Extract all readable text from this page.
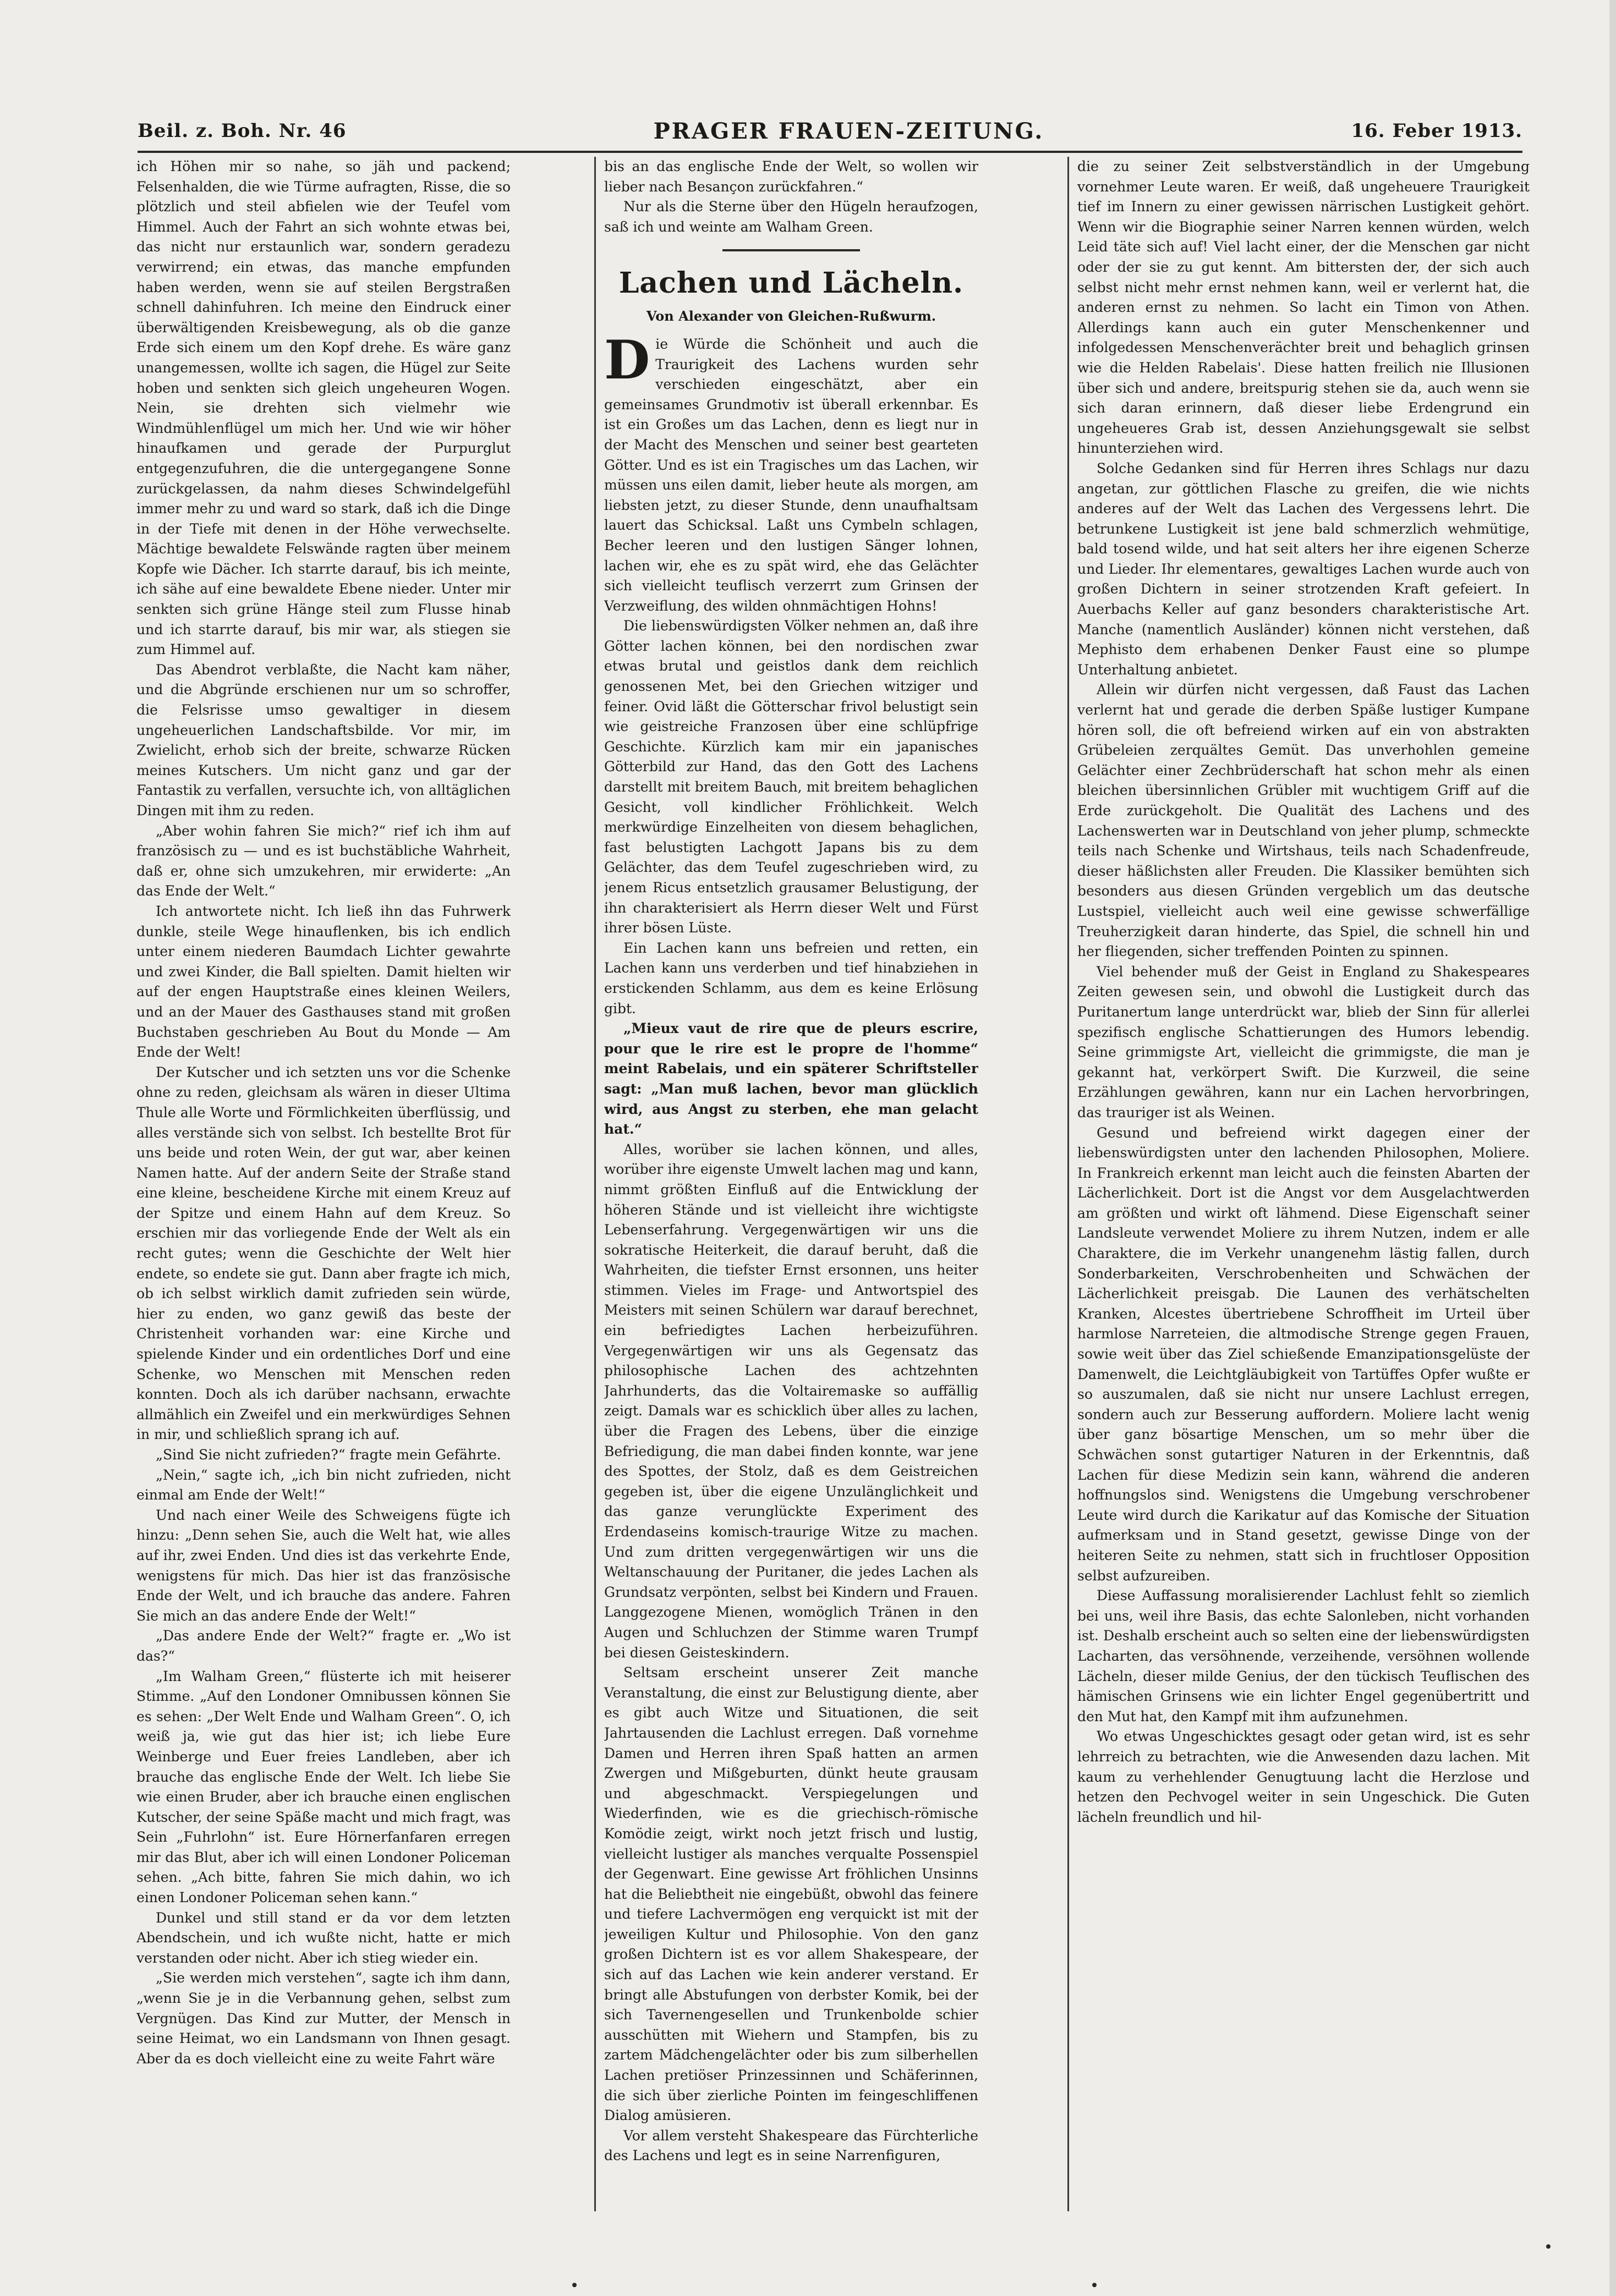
Beil. z. Boh. Nr. 46	PRAGER FRAUEN-ZEITUNG.	16. Feber 1913.

ich Höhen mir so nahe, so jäh und packend; Felsenhalden, die wie Türme aufragten, Risse, die so plötzlich und steil abfielen wie der Teufel vom Himmel. Auch der Fahrt an sich wohnte etwas bei, das nicht nur erstaunlich war, sondern geradezu verwirrend; ein etwas, das manche empfunden haben werden, wenn sie auf steilen Bergstraßen schnell dahinfuhren. Ich meine den Eindruck einer überwältigenden Kreisbewegung, als ob die ganze Erde sich einem um den Kopf drehe. Es wäre ganz unangemessen, wollte ich sagen, die Hügel zur Seite hoben und senkten sich gleich ungeheuren Wogen. Nein, sie drehten sich vielmehr wie Windmühlenflügel um mich her. Und wie wir höher hinaufkamen und gerade der Purpurglut entgegenzufuhren, die die untergegangene Sonne zurückgelassen, da nahm dieses Schwindelgefühl immer mehr zu und ward so stark, daß ich die Dinge in der Tiefe mit denen in der Höhe verwechselte. Mächtige bewaldete Felswände ragten über meinem Kopfe wie Dächer. Ich starrte darauf, bis ich meinte, ich sähe auf eine bewaldete Ebene nieder. Unter mir senkten sich grüne Hänge steil zum Flusse hinab und ich starrte darauf, bis mir war, als stiegen sie zum Himmel auf.

Das Abendrot verblaßte, die Nacht kam näher, und die Abgründe erschienen nur um so schroffer, die Felsrisse umso gewaltiger in diesem ungeheuerlichen Landschaftsbilde. Vor mir, im Zwielicht, erhob sich der breite, schwarze Rücken meines Kutschers. Um nicht ganz und gar der Fantastik zu verfallen, versuchte ich, von alltäglichen Dingen mit ihm zu reden.

„Aber wohin fahren Sie mich?“ rief ich ihm auf französisch zu — und es ist buchstäbliche Wahrheit, daß er, ohne sich umzukehren, mir erwiderte: „An das Ende der Welt.“

Ich antwortete nicht. Ich ließ ihn das Fuhrwerk dunkle, steile Wege hinauflenken, bis ich endlich unter einem niederen Baumdach Lichter gewahrte und zwei Kinder, die Ball spielten. Damit hielten wir auf der engen Hauptstraße eines kleinen Weilers, und an der Mauer des Gasthauses stand mit großen Buchstaben geschrieben Au Bout du Monde — Am Ende der Welt!

Der Kutscher und ich setzten uns vor die Schenke ohne zu reden, gleichsam als wären in dieser Ultima Thule alle Worte und Förmlichkeiten überflüssig, und alles verstände sich von selbst. Ich bestellte Brot für uns beide und roten Wein, der gut war, aber keinen Namen hatte. Auf der andern Seite der Straße stand eine kleine, bescheidene Kirche mit einem Kreuz auf der Spitze und einem Hahn auf dem Kreuz. So erschien mir das vorliegende Ende der Welt als ein recht gutes; wenn die Geschichte der Welt hier endete, so endete sie gut. Dann aber fragte ich mich, ob ich selbst wirklich damit zufrieden sein würde, hier zu enden, wo ganz gewiß das beste der Christenheit vorhanden war: eine Kirche und spielende Kinder und ein ordentliches Dorf und eine Schenke, wo Menschen mit Menschen reden konnten. Doch als ich darüber nachsann, erwachte allmählich ein Zweifel und ein merkwürdiges Sehnen in mir, und schließlich sprang ich auf.

„Sind Sie nicht zufrieden?“ fragte mein Gefährte.

„Nein,“ sagte ich, „ich bin nicht zufrieden, nicht einmal am Ende der Welt!“

Und nach einer Weile des Schweigens fügte ich hinzu: „Denn sehen Sie, auch die Welt hat, wie alles auf ihr, zwei Enden. Und dies ist das verkehrte Ende, wenigstens für mich. Das hier ist das französische Ende der Welt, und ich brauche das andere. Fahren Sie mich an das andere Ende der Welt!“

„Das andere Ende der Welt?“ fragte er. „Wo ist das?“

„Im Walham Green,“ flüsterte ich mit heiserer Stimme. „Auf den Londoner Omnibussen können Sie es sehen: „Der Welt Ende und Walham Green“. O, ich weiß ja, wie gut das hier ist; ich liebe Eure Weinberge und Euer freies Landleben, aber ich brauche das englische Ende der Welt. Ich liebe Sie wie einen Bruder, aber ich brauche einen englischen Kutscher, der seine Späße macht und mich fragt, was Sein „Fuhrlohn“ ist. Eure Hörnerfanfaren erregen mir das Blut, aber ich will einen Londoner Policeman sehen. „Ach bitte, fahren Sie mich dahin, wo ich einen Londoner Policeman sehen kann.“

Dunkel und still stand er da vor dem letzten Abendschein, und ich wußte nicht, hatte er mich verstanden oder nicht. Aber ich stieg wieder ein.

„Sie werden mich verstehen“, sagte ich ihm dann, „wenn Sie je in die Verbannung gehen, selbst zum Vergnügen. Das Kind zur Mutter, der Mensch in seine Heimat, wo ein Landsmann von Ihnen gesagt. Aber da es doch vielleicht eine zu weite Fahrt wäre

bis an das englische Ende der Welt, so wollen wir lieber nach Besançon zurückfahren.“

Nur als die Sterne über den Hügeln heraufzogen, saß ich und weinte am Walham Green.

Lachen und Lächeln.
Von Alexander von Gleichen-Rußwurm.

Die Würde die Schönheit und auch die Traurigkeit des Lachens wurden sehr verschieden eingeschätzt, aber ein gemeinsames Grundmotiv ist überall erkennbar. Es ist ein Großes um das Lachen, denn es liegt nur in der Macht des Menschen und seiner best gearteten Götter. Und es ist ein Tragisches um das Lachen, wir müssen uns eilen damit, lieber heute als morgen, am liebsten jetzt, zu dieser Stunde, denn unaufhaltsam lauert das Schicksal. Laßt uns Cymbeln schlagen, Becher leeren und den lustigen Sänger lohnen, lachen wir, ehe es zu spät wird, ehe das Gelächter sich vielleicht teuflisch verzerrt zum Grinsen der Verzweiflung, des wilden ohnmächtigen Hohns!

Die liebenswürdigsten Völker nehmen an, daß ihre Götter lachen können, bei den nordischen zwar etwas brutal und geistlos dank dem reichlich genossenen Met, bei den Griechen witziger und feiner. Ovid läßt die Götterschar frivol belustigt sein wie geistreiche Franzosen über eine schlüpfrige Geschichte. Kürzlich kam mir ein japanisches Götterbild zur Hand, das den Gott des Lachens darstellt mit breitem Bauch, mit breitem behaglichen Gesicht, voll kindlicher Fröhlichkeit. Welch merkwürdige Einzelheiten von diesem behaglichen, fast belustigten Lachgott Japans bis zu dem Gelächter, das dem Teufel zugeschrieben wird, zu jenem Ricus entsetzlich grausamer Belustigung, der ihn charakterisiert als Herrn dieser Welt und Fürst ihrer bösen Lüste.

Ein Lachen kann uns befreien und retten, ein Lachen kann uns verderben und tief hinabziehen in erstickenden Schlamm, aus dem es keine Erlösung gibt.

„Mieux vaut de rire que de pleurs escrire, pour que le rire est le propre de l'homme“ meint Rabelais, und ein späterer Schriftsteller sagt: „Man muß lachen, bevor man glücklich wird, aus Angst zu sterben, ehe man gelacht hat.“

Alles, worüber sie lachen können, und alles, worüber ihre eigenste Umwelt lachen mag und kann, nimmt größten Einfluß auf die Entwicklung der höheren Stände und ist vielleicht ihre wichtigste Lebenserfahrung. Vergegenwärtigen wir uns die sokratische Heiterkeit, die darauf beruht, daß die Wahrheiten, die tiefster Ernst ersonnen, uns heiter stimmen. Vieles im Frage- und Antwortspiel des Meisters mit seinen Schülern war darauf berechnet, ein befriedigtes Lachen herbeizuführen. Vergegenwärtigen wir uns als Gegensatz das philosophische Lachen des achtzehnten Jahrhunderts, das die Voltairemaske so auffällig zeigt. Damals war es schicklich über alles zu lachen, über die Fragen des Lebens, über die einzige Befriedigung, die man dabei finden konnte, war jene des Spottes, der Stolz, daß es dem Geistreichen gegeben ist, über die eigene Unzulänglichkeit und das ganze verunglückte Experiment des Erdendaseins komisch-traurige Witze zu machen. Und zum dritten vergegenwärtigen wir uns die Weltanschauung der Puritaner, die jedes Lachen als Grundsatz verpönten, selbst bei Kindern und Frauen. Langgezogene Mienen, womöglich Tränen in den Augen und Schluchzen der Stimme waren Trumpf bei diesen Geisteskindern.

Seltsam erscheint unserer Zeit manche Veranstaltung, die einst zur Belustigung diente, aber es gibt auch Witze und Situationen, die seit Jahrtausenden die Lachlust erregen. Daß vornehme Damen und Herren ihren Spaß hatten an armen Zwergen und Mißgeburten, dünkt heute grausam und abgeschmackt. Verspiegelungen und Wiederfinden, wie es die griechisch-römische Komödie zeigt, wirkt noch jetzt frisch und lustig, vielleicht lustiger als manches verqualte Possenspiel der Gegenwart. Eine gewisse Art fröhlichen Unsinns hat die Beliebtheit nie eingebüßt, obwohl das feinere und tiefere Lachvermögen eng verquickt ist mit der jeweiligen Kultur und Philosophie. Von den ganz großen Dichtern ist es vor allem Shakespeare, der sich auf das Lachen wie kein anderer verstand. Er bringt alle Abstufungen von derbster Komik, bei der sich Tavernengesellen und Trunkenbolde schier ausschütten mit Wiehern und Stampfen, bis zu zartem Mädchengelächter oder bis zum silberhellen Lachen pretiöser Prinzessinnen und Schäferinnen, die sich über zierliche Pointen im feingeschliffenen Dialog amüsieren.

Vor allem versteht Shakespeare das Fürchterliche des Lachens und legt es in seine Narrenfiguren,

die zu seiner Zeit selbstverständlich in der Umgebung vornehmer Leute waren. Er weiß, daß ungeheuere Traurigkeit tief im Innern zu einer gewissen närrischen Lustigkeit gehört. Wenn wir die Biographie seiner Narren kennen würden, welch Leid täte sich auf! Viel lacht einer, der die Menschen gar nicht oder der sie zu gut kennt. Am bittersten der, der sich auch selbst nicht mehr ernst nehmen kann, weil er verlernt hat, die anderen ernst zu nehmen. So lacht ein Timon von Athen. Allerdings kann auch ein guter Menschenkenner und infolgedessen Menschenverächter breit und behaglich grinsen wie die Helden Rabelais'. Diese hatten freilich nie Illusionen über sich und andere, breitspurig stehen sie da, auch wenn sie sich daran erinnern, daß dieser liebe Erdengrund ein ungeheueres Grab ist, dessen Anziehungsgewalt sie selbst hinunterziehen wird.

Solche Gedanken sind für Herren ihres Schlags nur dazu angetan, zur göttlichen Flasche zu greifen, die wie nichts anderes auf der Welt das Lachen des Vergessens lehrt. Die betrunkene Lustigkeit ist jene bald schmerzlich wehmütige, bald tosend wilde, und hat seit alters her ihre eigenen Scherze und Lieder. Ihr elementares, gewaltiges Lachen wurde auch von großen Dichtern in seiner strotzenden Kraft gefeiert. In Auerbachs Keller auf ganz besonders charakteristische Art. Manche (namentlich Ausländer) können nicht verstehen, daß Mephisto dem erhabenen Denker Faust eine so plumpe Unterhaltung anbietet.

Allein wir dürfen nicht vergessen, daß Faust das Lachen verlernt hat und gerade die derben Späße lustiger Kumpane hören soll, die oft befreiend wirken auf ein von abstrakten Grübeleien zerquältes Gemüt. Das unverhohlen gemeine Gelächter einer Zechbrüderschaft hat schon mehr als einen bleichen übersinnlichen Grübler mit wuchtigem Griff auf die Erde zurückgeholt. Die Qualität des Lachens und des Lachenswerten war in Deutschland von jeher plump, schmeckte teils nach Schenke und Wirtshaus, teils nach Schadenfreude, dieser häßlichsten aller Freuden. Die Klassiker bemühten sich besonders aus diesen Gründen vergeblich um das deutsche Lustspiel, vielleicht auch weil eine gewisse schwerfällige Treuherzigkeit daran hinderte, das Spiel, die schnell hin und her fliegenden, sicher treffenden Pointen zu spinnen.

Viel behender muß der Geist in England zu Shakespeares Zeiten gewesen sein, und obwohl die Lustigkeit durch das Puritanertum lange unterdrückt war, blieb der Sinn für allerlei spezifisch englische Schattierungen des Humors lebendig. Seine grimmigste Art, vielleicht die grimmigste, die man je gekannt hat, verkörpert Swift. Die Kurzweil, die seine Erzählungen gewähren, kann nur ein Lachen hervorbringen, das trauriger ist als Weinen.

Gesund und befreiend wirkt dagegen einer der liebenswürdigsten unter den lachenden Philosophen, Moliere. In Frankreich erkennt man leicht auch die feinsten Abarten der Lächerlichkeit. Dort ist die Angst vor dem Ausgelachtwerden am größten und wirkt oft lähmend. Diese Eigenschaft seiner Landsleute verwendet Moliere zu ihrem Nutzen, indem er alle Charaktere, die im Verkehr unangenehm lästig fallen, durch Sonderbarkeiten, Verschrobenheiten und Schwächen der Lächerlichkeit preisgab. Die Launen des verhätschelten Kranken, Alcestes übertriebene Schroffheit im Urteil über harmlose Narreteien, die altmodische Strenge gegen Frauen, sowie weit über das Ziel schießende Emanzipationsgelüste der Damenwelt, die Leichtgläubigkeit von Tartüffes Opfer wußte er so auszumalen, daß sie nicht nur unsere Lachlust erregen, sondern auch zur Besserung auffordern. Moliere lacht wenig über ganz bösartige Menschen, um so mehr über die Schwächen sonst gutartiger Naturen in der Erkenntnis, daß Lachen für diese Medizin sein kann, während die anderen hoffnungslos sind. Wenigstens die Umgebung verschrobener Leute wird durch die Karikatur auf das Komische der Situation aufmerksam und in Stand gesetzt, gewisse Dinge von der heiteren Seite zu nehmen, statt sich in fruchtloser Opposition selbst aufzureiben.

Diese Auffassung moralisierender Lachlust fehlt so ziemlich bei uns, weil ihre Basis, das echte Salonleben, nicht vorhanden ist. Deshalb erscheint auch so selten eine der liebenswürdigsten Lacharten, das versöhnende, verzeihende, versöhnen wollende Lächeln, dieser milde Genius, der den tückisch Teuflischen des hämischen Grinsens wie ein lichter Engel gegenübertritt und den Mut hat, den Kampf mit ihm aufzunehmen.

Wo etwas Ungeschicktes gesagt oder getan wird, ist es sehr lehrreich zu betrachten, wie die Anwesenden dazu lachen. Mit kaum zu verhehlender Genugtuung lacht die Herzlose und hetzen den Pechvogel weiter in sein Ungeschick. Die Guten lächeln freundlich und hil-
